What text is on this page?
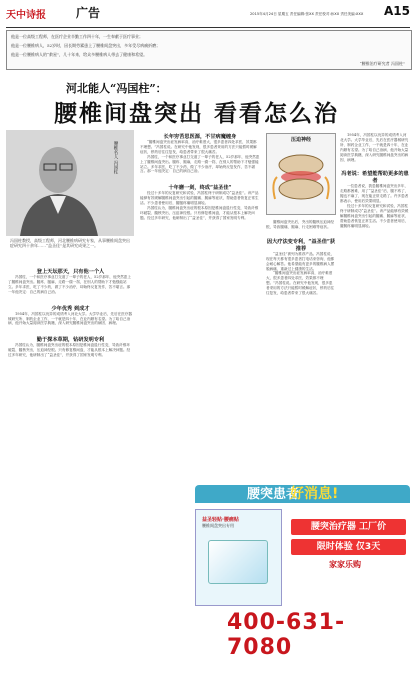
天中诗报	广告	2015年4月24日 星期五 责任编辑:张XX 责任校对:孙XX 责任美编:XXX A15
他是一位高级工程师，在医疗企业辛勤工作四十年，一生奉献于医疗事业；
他是一位腰椎病人，52岁时，因长期劳累患上了腰椎间盘突出，多年受尽病痛折磨；
他是一位腰椎病人的“救星”，几十年来，给众多腰椎病人带去了健康和希望。
“腰椎治疗研究者 冯国柱”
河北能人“冯国柱”：
腰椎间盘突出 看看怎么治
腰椎名人 冯国柱
冯国柱教授，高级工程师，河北腰椎病研究专家，从事腰椎间盘突出症研究四十余年……“益圣佳”是其研究成果之一。
登上天坛那天，只有他一个人

冯国柱，一个和医疗事业打交道了一辈子的老人，52岁那年，他突然患上了腰椎间盘突出。腰疼、腿麻，走路一瘸一拐，在别人的帮助下才勉强能站立。多年求医，吃了不少药，做了不少治疗，却始终反复发作，苦不堪言。那一年他决定：自己的病自己治。

少年优秀 到成才

1954年，冯国柱以优异的成绩考入河北大学。大学毕业后，先后在医疗器械研究所、制药企业工作，一干就是四十年，在业内颇有名望。为了给自己治病，他开始大量阅读医学典籍，深入研究腰椎间盘突出的病因、病理。

勤于探本草期，钻研发明专利

冯国柱认为，腰椎间盘突出症的根本原因是椎间盘退行性变，导致纤维环破裂、髓核突出，压迫神经根。只有修复椎间盘，才能从根本上解决问题。经过多年研究，他研制出了“益圣佳”，并获得了国家发明专利。

长年穷苦思医源，不甘病魔缠身

“腰椎间盘突出症发病率高，治疗难度大，很多患者四处求医，效果都不理想。”冯国柱说。在研究中他发现，很多患者采用的方法只能暂时缓解症状，停药后往往复发，给患者带来了很大痛苦。

冯国柱，一个和医疗事业打交道了一辈子的老人，52岁那年，他突然患上了腰椎间盘突出。腰疼、腿麻，走路一瘸一拐，在别人的帮助下才勉强能站立。多年求医，吃了不少药，做了不少治疗，却始终反复发作，苦不堪言。那一年他决定：自己的病自己治。

十年磨一剑，终成“益圣佳”

经过十多年的反复研究和试验，冯国柱终于研制成功“益圣佳”。该产品能够有效缓解腰椎间盘突出引起的腰痛、腿麻等症状，帮助患者恢复正常生活。不少患者使用后，腰腿疼痛明显减轻。

冯国柱认为，腰椎间盘突出症的根本原因是椎间盘退行性变，导致纤维环破裂、髓核突出，压迫神经根。只有修复椎间盘，才能从根本上解决问题。经过多年研究，他研制出了“益圣佳”，并获得了国家发明专利。

压迫神经

腰椎间盘突出后，突出的髓核压迫神经根，导致腰痛、腿麻、行走困难等症状。

因大疗法变专利，“益圣佳”获推荐

“益圣佳”被列为推荐产品。冯国柱说，现在每天都有很多患者打电话来咨询，他都会耐心解答。他希望能有更多的腰椎病人摆脱病痛，重新过上健康的生活。

“腰椎间盘突出症发病率高，治疗难度大，很多患者四处求医，效果都不理想。”冯国柱说。在研究中他发现，很多患者采用的方法只能暂时缓解症状，停药后往往复发，给患者带来了很大痛苦。

1954年，冯国柱以优异的成绩考入河北大学。大学毕业后，先后在医疗器械研究所、制药企业工作，一干就是四十年，在业内颇有名望。为了给自己治病，他开始大量阅读医学典籍，深入研究腰椎间盘突出的病因、病理。

冯老说：希望能帮助更多的患者

一位患者说，我患腰椎间盘突出多年，走路都困难，用了“益圣佳”后，腰不疼了，腿也不麻了，现在能正常走路了。许多患者都表示，使用后效果明显。

经过十多年的反复研究和试验，冯国柱终于研制成功“益圣佳”。该产品能够有效缓解腰椎间盘突出引起的腰痛、腿麻等症状，帮助患者恢复正常生活。不少患者使用后，腰腿疼痛明显减轻。

腰突患者
好消息!
益圣轻贴·腰痛贴
腰椎间盘突出专用	腰突治疗器 工厂价
限时体验 仅3天
家家乐购
400-631-7080
